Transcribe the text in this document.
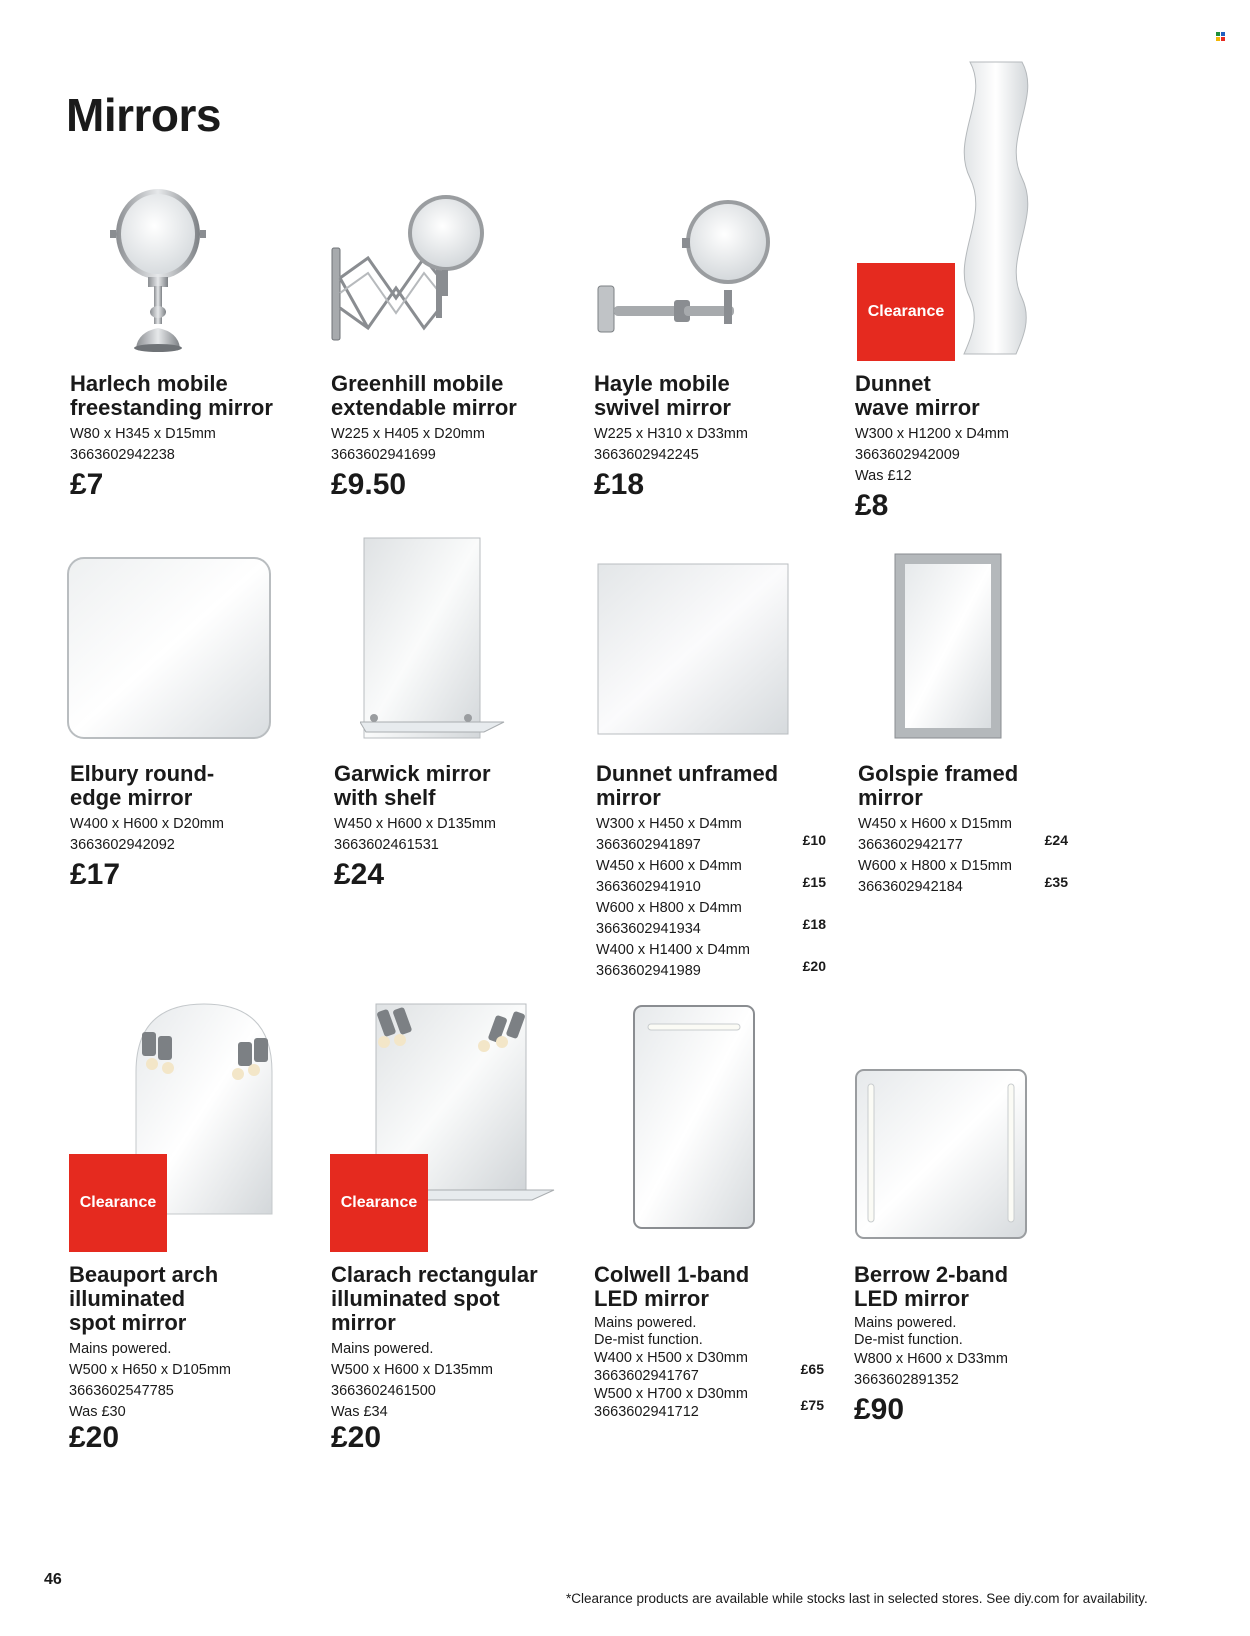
Mirrors
Clearance
Clearance	Clearance
Harlech mobile
freestanding mirror

W80 x H345 x D15mm

3663602942238

£7
Greenhill mobile
extendable mirror

W225 x H405 x D20mm

3663602941699

£9.50
Hayle mobile
swivel mirror

W225 x H310 x D33mm

3663602942245

£18
Dunnet
wave mirror

W300 x H1200 x D4mm

3663602942009

Was £12

£8
Elbury round-
edge mirror

W400 x H600 x D20mm

3663602942092

£17
Garwick mirror
with shelf

W450 x H600 x D135mm

3663602461531

£24
Dunnet unframed
mirror

W300 x H450 x D4mm

3663602941897	£10

W450 x H600 x D4mm

3663602941910	£15

W600 x H800 x D4mm

3663602941934	£18

W400 x H1400 x D4mm

3663602941989	£20
Golspie framed
mirror

W450 x H600 x D15mm

3663602942177	£24

W600 x H800 x D15mm

3663602942184	£35
Beauport arch
illuminated
spot mirror

Mains powered.

W500 x H650 x D105mm

3663602547785

Was £30

£20
Clarach rectangular
illuminated spot
mirror

Mains powered.

W500 x H600 x D135mm

3663602461500

Was £34

£20
Colwell 1-band
LED mirror

Mains powered.

De-mist function.

W400 x H500 x D30mm

3663602941767	£65

W500 x H700 x D30mm

3663602941712	£75
Berrow 2-band
LED mirror

Mains powered.

De-mist function.

W800 x H600 x D33mm

3663602891352

£90
46
*Clearance products are available while stocks last in selected stores. See diy.com for availability.
